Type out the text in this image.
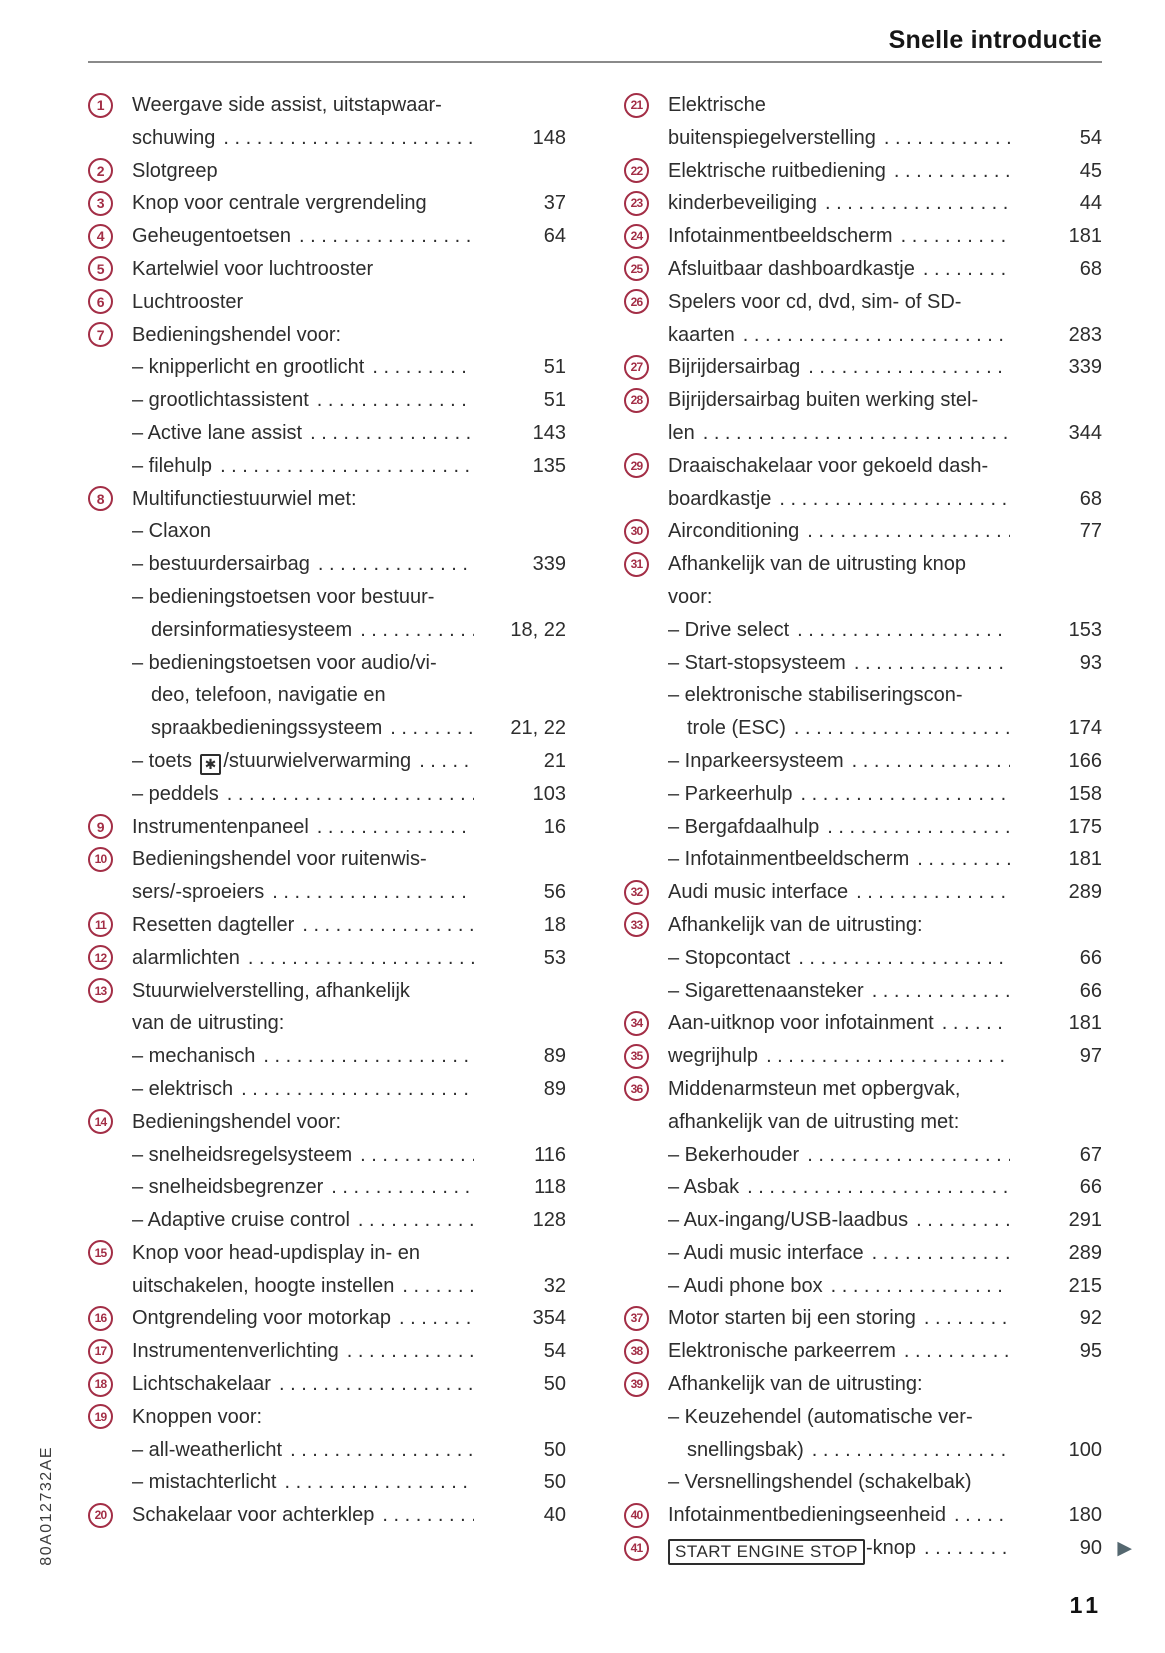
Snelle introductie
1	Weergave side assist, uitstapwaar-
schuwing . . .	148
2	Slotgreep
3	Knop voor centrale vergrendeling	37
4	Geheugentoetsen . . .	64
5	Kartelwiel voor luchtrooster
6	Luchtrooster
7	Bedieningshendel voor:
– knipperlicht en grootlicht . . .	51
– grootlichtassistent . . .	51
– Active lane assist . . .	143
– filehulp . . .	135
8	Multifunctiestuurwiel met:
– Claxon
– bestuurdersairbag . . .	339
– bedieningstoetsen voor bestuur-
dersinformatiesysteem . . .	18, 22
– bedieningstoetsen voor audio/vi-
deo, telefoon, navigatie en
spraakbedieningssysteem . . .	21, 22
– toets ✱ /stuurwielverwarming . . .	21
– peddels . . .	103
9	Instrumentenpaneel . . .	16
10	Bedieningshendel voor ruitenwis-
sers/-sproeiers . . .	56
11	Resetten dagteller . . .	18
12	alarmlichten . . .	53
13	Stuurwielverstelling, afhankelijk
van de uitrusting:
– mechanisch . . .	89
– elektrisch . . .	89
14	Bedieningshendel voor:
– snelheidsregelsysteem . . .	116
– snelheidsbegrenzer . . .	118
– Adaptive cruise control . . .	128
15	Knop voor head-updisplay in- en
uitschakelen, hoogte instellen . . .	32
16	Ontgrendeling voor motorkap . . .	354
17	Instrumentenverlichting . . .	54
18	Lichtschakelaar . . .	50
19	Knoppen voor:
– all-weatherlicht . . .	50
– mistachterlicht . . .	50
20	Schakelaar voor achterklep . . .	40
21	Elektrische
buitenspiegelverstelling . . .	54
22	Elektrische ruitbediening . . .	45
23	kinderbeveiliging . . .	44
24	Infotainmentbeeldscherm . . .	181
25	Afsluitbaar dashboardkastje . . .	68
26	Spelers voor cd, dvd, sim- of SD-
kaarten . . .	283
27	Bijrijdersairbag . . .	339
28	Bijrijdersairbag buiten werking stel-
len . . .	344
29	Draaischakelaar voor gekoeld dash-
boardkastje . . .	68
30	Airconditioning . . .	77
31	Afhankelijk van de uitrusting knop
voor:
– Drive select . . .	153
– Start-stopsysteem . . .	93
– elektronische stabiliseringscon-
trole (ESC) . . .	174
– Inparkeersysteem . . .	166
– Parkeerhulp . . .	158
– Bergafdaalhulp . . .	175
– Infotainmentbeeldscherm . . .	181
32	Audi music interface . . .	289
33	Afhankelijk van de uitrusting:
– Stopcontact . . .	66
– Sigarettenaansteker . . .	66
34	Aan-uitknop voor infotainment . . .	181
35	wegrijhulp . . .	97
36	Middenarmsteun met opbergvak,
afhankelijk van de uitrusting met:
– Bekerhouder . . .	67
– Asbak . . .	66
– Aux-ingang/USB-laadbus . . .	291
– Audi music interface . . .	289
– Audi phone box . . .	215
37	Motor starten bij een storing . . .	92
38	Elektronische parkeerrem . . .	95
39	Afhankelijk van de uitrusting:
– Keuzehendel (automatische ver-
snellingsbak) . . .	100
– Versnellingshendel (schakelbak)
40	Infotainmentbedieningseenheid . . .	180
41	START ENGINE STOP -knop . . .	90 ▶
80A012732AE
11
